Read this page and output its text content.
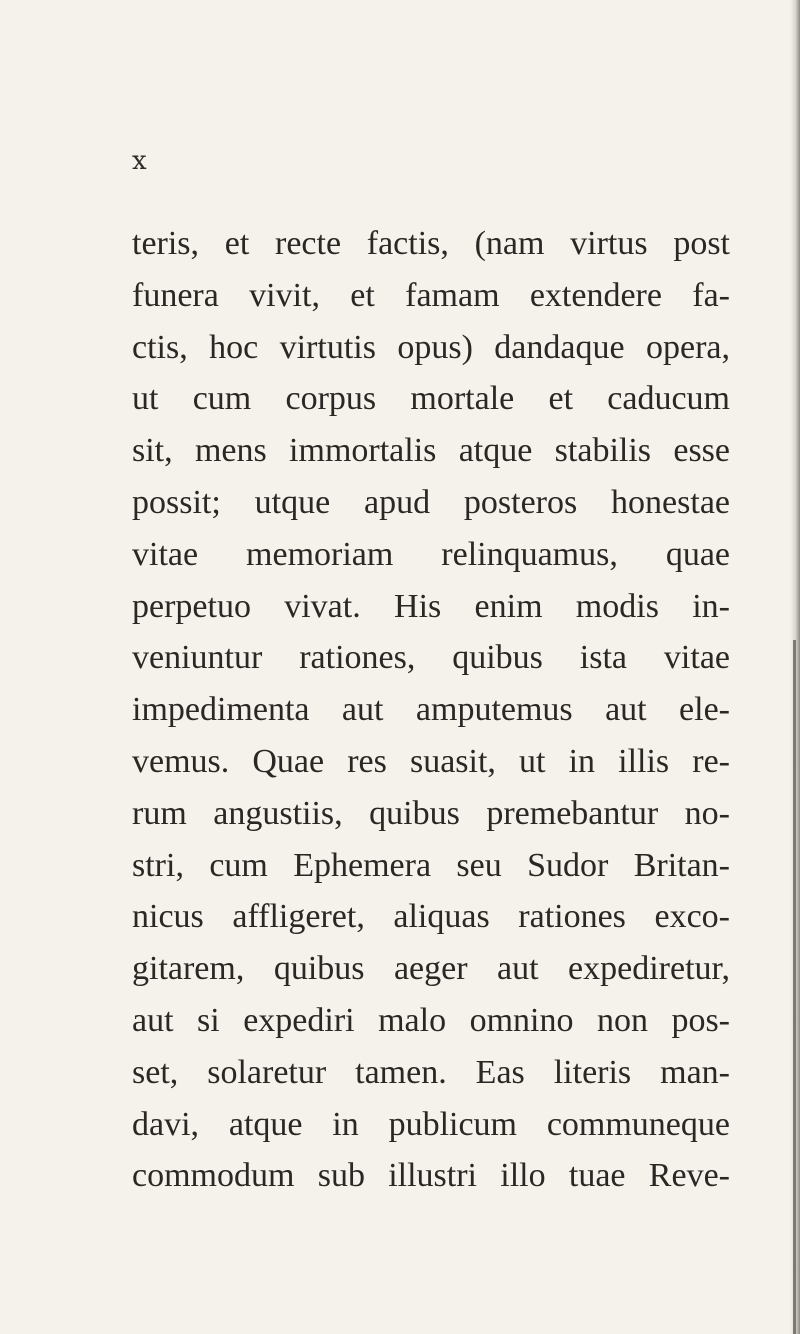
x
teris, et recte factis, (nam virtus post
funera vivit, et famam extendere fa-
ctis, hoc virtutis opus) dandaque opera,
ut cum corpus mortale et caducum
sit, mens immortalis atque stabilis esse
possit; utque apud posteros honestae
vitae memoriam relinquamus, quae
perpetuo vivat. His enim modis in-
veniuntur rationes, quibus ista vitae
impedimenta aut amputemus aut ele-
vemus. Quae res suasit, ut in illis re-
rum angustiis, quibus premebantur no-
stri, cum Ephemera seu Sudor Britan-
nicus affligeret, aliquas rationes exco-
gitarem, quibus aeger aut expediretur,
aut si expediri malo omnino non pos-
set, solaretur tamen. Eas literis man-
davi, atque in publicum communeque
commodum sub illustri illo tuae Reve-
